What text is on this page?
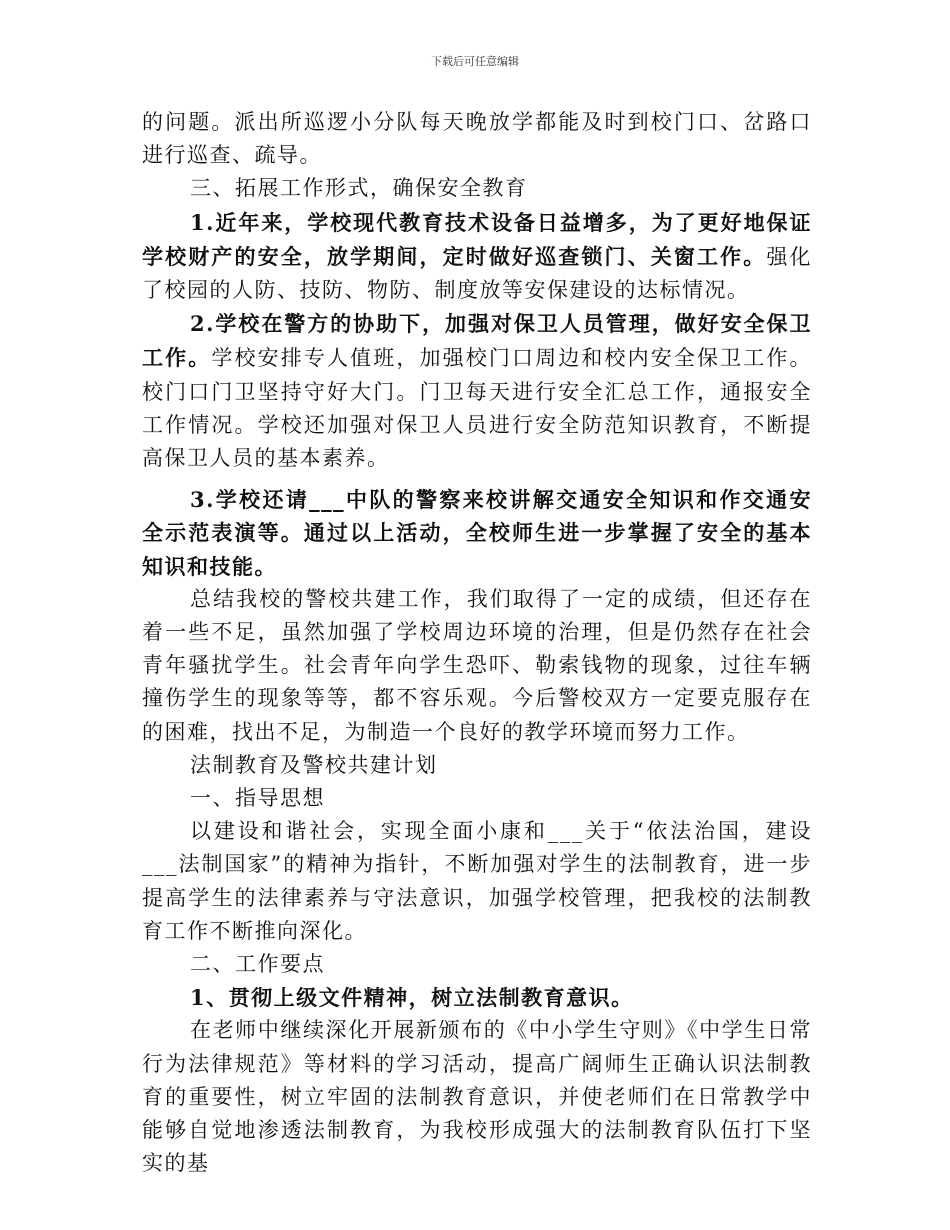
下载后可任意编辑

的问题。派出所巡逻小分队每天晚放学都能及时到校门口、岔路口进行巡查、疏导。

三、拓展工作形式，确保安全教育

1.近年来，学校现代教育技术设备日益增多，为了更好地保证学校财产的安全，放学期间，定时做好巡查锁门、关窗工作。强化了校园的人防、技防、物防、制度放等安保建设的达标情况。

2.学校在警方的协助下，加强对保卫人员管理，做好安全保卫工作。学校安排专人值班，加强校门口周边和校内安全保卫工作。校门口门卫坚持守好大门。门卫每天进行安全汇总工作，通报安全工作情况。学校还加强对保卫人员进行安全防范知识教育，不断提高保卫人员的基本素养。

3.学校还请___中队的警察来校讲解交通安全知识和作交通安全示范表演等。通过以上活动，全校师生进一步掌握了安全的基本知识和技能。

总结我校的警校共建工作，我们取得了一定的成绩，但还存在着一些不足，虽然加强了学校周边环境的治理，但是仍然存在社会青年骚扰学生。社会青年向学生恐吓、勒索钱物的现象，过往车辆撞伤学生的现象等等，都不容乐观。今后警校双方一定要克服存在的困难，找出不足，为制造一个良好的教学环境而努力工作。

法制教育及警校共建计划

一、指导思想

以建设和谐社会，实现全面小康和___关于“依法治国，建设___法制国家”的精神为指针，不断加强对学生的法制教育，进一步提高学生的法律素养与守法意识，加强学校管理，把我校的法制教育工作不断推向深化。

二、工作要点

1、贯彻上级文件精神，树立法制教育意识。

在老师中继续深化开展新颁布的《中小学生守则》《中学生日常行为法律规范》等材料的学习活动，提高广阔师生正确认识法制教育的重要性，树立牢固的法制教育意识，并使老师们在日常教学中能够自觉地渗透法制教育，为我校形成强大的法制教育队伍打下坚实的基
